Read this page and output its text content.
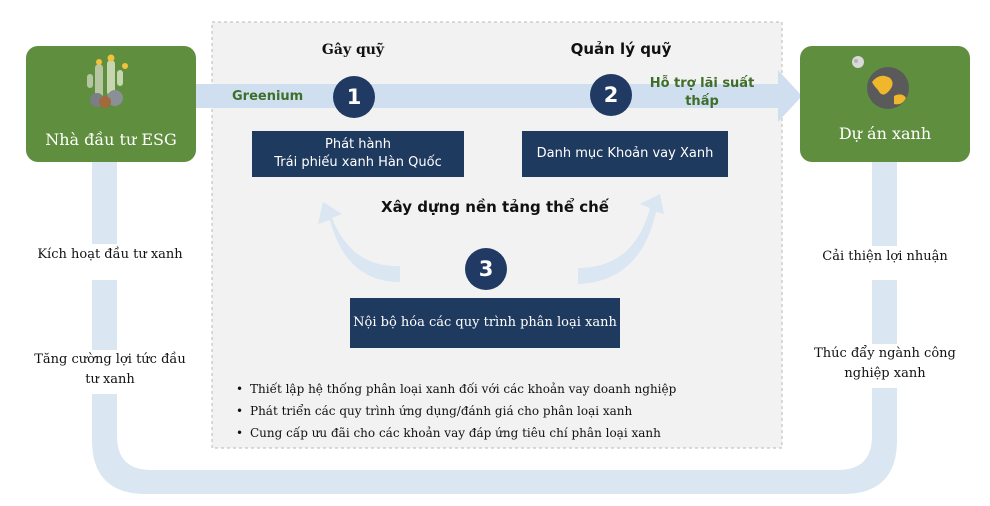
Nhà đầu tư ESG	Dự án xanh
Gây quỹ	Quản lý quỹ
Greenium
Hỗ trợ lãi suất
thấp
1	2
3
Phát hành
Trái phiếu xanh Hàn Quốc
Danh mục Khoản vay Xanh
Nội bộ hóa các quy trình phân loại xanh
Xây dựng nền tảng thể chế
• Thiết lập hệ thống phân loại xanh đối với các khoản vay doanh nghiệp
• Phát triển các quy trình ứng dụng/đánh giá cho phân loại xanh
• Cung cấp ưu đãi cho các khoản vay đáp ứng tiêu chí phân loại xanh
Kích hoạt đầu tư xanh
Tăng cường lợi tức đầu
tư xanh
Cải thiện lợi nhuận
Thúc đẩy ngành công
nghiệp xanh
